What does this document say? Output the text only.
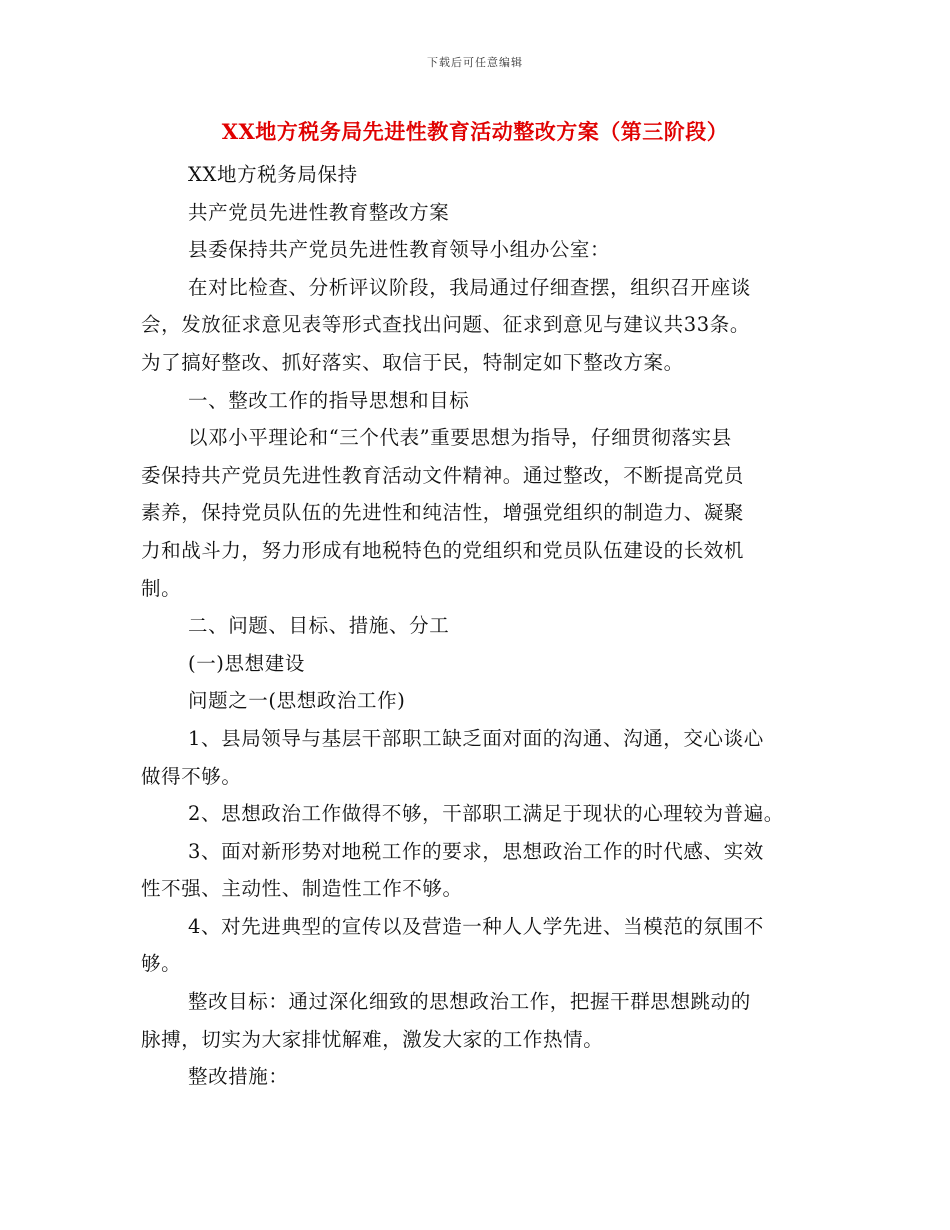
下载后可任意编辑
XX地方税务局先进性教育活动整改方案（第三阶段）
XX地方税务局保持
共产党员先进性教育整改方案
县委保持共产党员先进性教育领导小组办公室：
在对比检查、分析评议阶段，我局通过仔细查摆，组织召开座谈
会，发放征求意见表等形式查找出问题、征求到意见与建议共33条。
为了搞好整改、抓好落实、取信于民，特制定如下整改方案。
一、整改工作的指导思想和目标
以邓小平理论和“三个代表”重要思想为指导，仔细贯彻落实县
委保持共产党员先进性教育活动文件精神。通过整改，不断提高党员
素养，保持党员队伍的先进性和纯洁性，增强党组织的制造力、凝聚
力和战斗力，努力形成有地税特色的党组织和党员队伍建设的长效机
制。
二、问题、目标、措施、分工
(一)思想建设
问题之一(思想政治工作)
1、县局领导与基层干部职工缺乏面对面的沟通、沟通，交心谈心
做得不够。
2、思想政治工作做得不够，干部职工满足于现状的心理较为普遍。
3、面对新形势对地税工作的要求，思想政治工作的时代感、实效
性不强、主动性、制造性工作不够。
4、对先进典型的宣传以及营造一种人人学先进、当模范的氛围不
够。
整改目标：通过深化细致的思想政治工作，把握干群思想跳动的
脉搏，切实为大家排忧解难，激发大家的工作热情。
整改措施：
